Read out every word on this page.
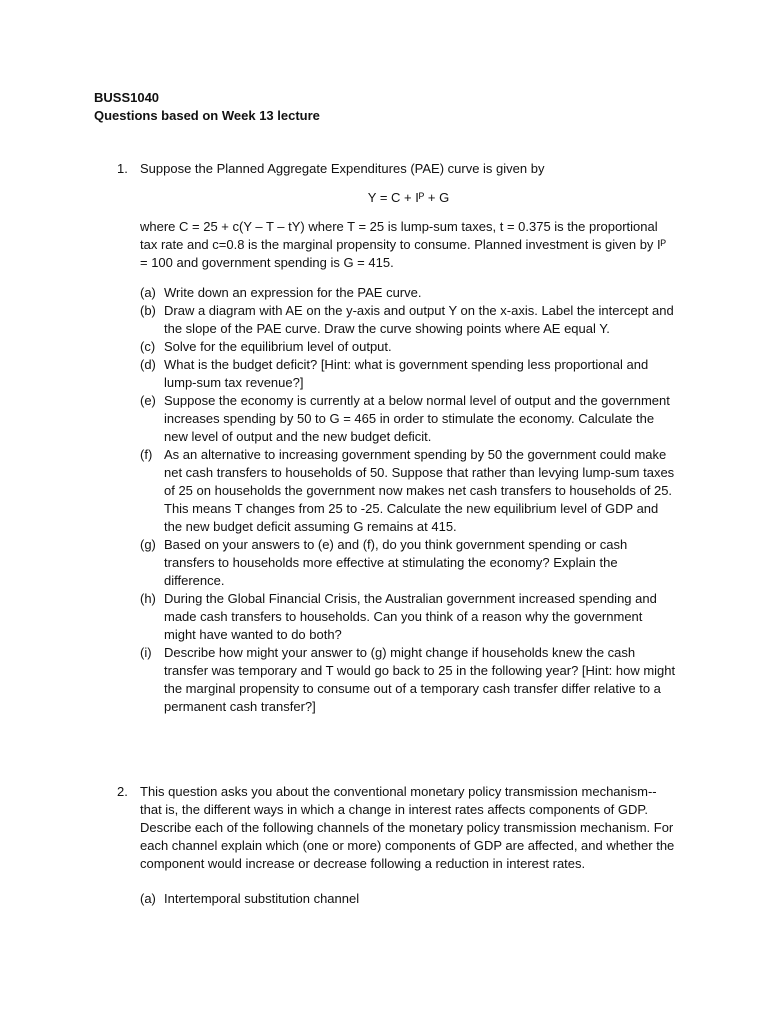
BUSS1040
Questions based on Week 13 lecture
1. Suppose the Planned Aggregate Expenditures (PAE) curve is given by
Y = C + Iᴾ + G
where C = 25 + c(Y – T – tY) where T = 25 is lump-sum taxes, t = 0.375 is the proportional tax rate and c=0.8 is the marginal propensity to consume. Planned investment is given by Iᴾ = 100 and government spending is G = 415.
(a) Write down an expression for the PAE curve.
(b) Draw a diagram with AE on the y-axis and output Y on the x-axis. Label the intercept and the slope of the PAE curve. Draw the curve showing points where AE equal Y.
(c) Solve for the equilibrium level of output.
(d) What is the budget deficit? [Hint: what is government spending less proportional and lump-sum tax revenue?]
(e) Suppose the economy is currently at a below normal level of output and the government increases spending by 50 to G = 465 in order to stimulate the economy. Calculate the new level of output and the new budget deficit.
(f) As an alternative to increasing government spending by 50 the government could make net cash transfers to households of 50. Suppose that rather than levying lump-sum taxes of 25 on households the government now makes net cash transfers to households of 25. This means T changes from 25 to -25. Calculate the new equilibrium level of GDP and the new budget deficit assuming G remains at 415.
(g) Based on your answers to (e) and (f), do you think government spending or cash transfers to households more effective at stimulating the economy? Explain the difference.
(h) During the Global Financial Crisis, the Australian government increased spending and made cash transfers to households. Can you think of a reason why the government might have wanted to do both?
(i) Describe how might your answer to (g) might change if households knew the cash transfer was temporary and T would go back to 25 in the following year? [Hint: how might the marginal propensity to consume out of a temporary cash transfer differ relative to a permanent cash transfer?]
2. This question asks you about the conventional monetary policy transmission mechanism--that is, the different ways in which a change in interest rates affects components of GDP. Describe each of the following channels of the monetary policy transmission mechanism. For each channel explain which (one or more) components of GDP are affected, and whether the component would increase or decrease following a reduction in interest rates.
(a) Intertemporal substitution channel
